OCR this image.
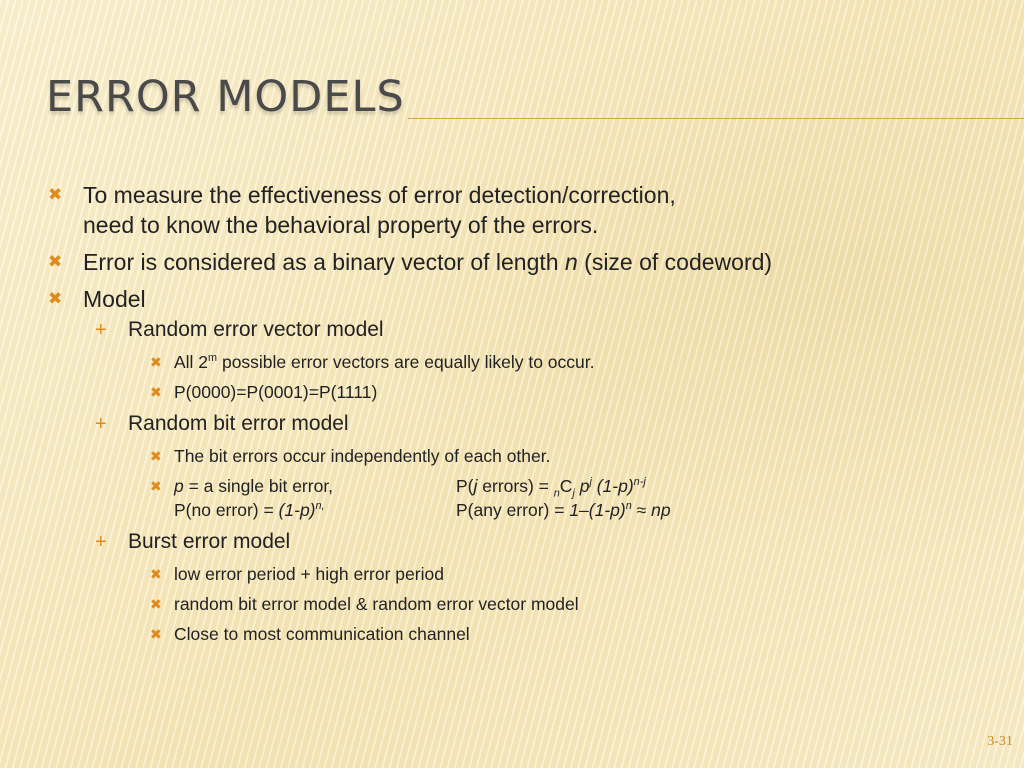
ERROR MODELS
✖ To measure the effectiveness of error detection/correction,
need to know the behavioral property of the errors.
✖ Error is considered as a binary vector of length n (size of codeword)
✖ Model
+ Random error vector model
✖ All 2$^m$ possible error vectors are equally likely to occur.
✖ P(0000)=P(0001)=P(1111)
+ Random bit error model
✖ The bit errors occur independently of each other.
✖ p = a single bit error,	P(j errors) = $_nC_j$ $p^j$ $(1-p)^{n-j}$
P(no error) = $(1-p)^{n,}$	P(any error) = $1-(1-p)^n$ ≈ np
+ Burst error model
✖ low error period + high error period
✖ random bit error model & random error vector model
✖ Close to most communication channel
3-31
